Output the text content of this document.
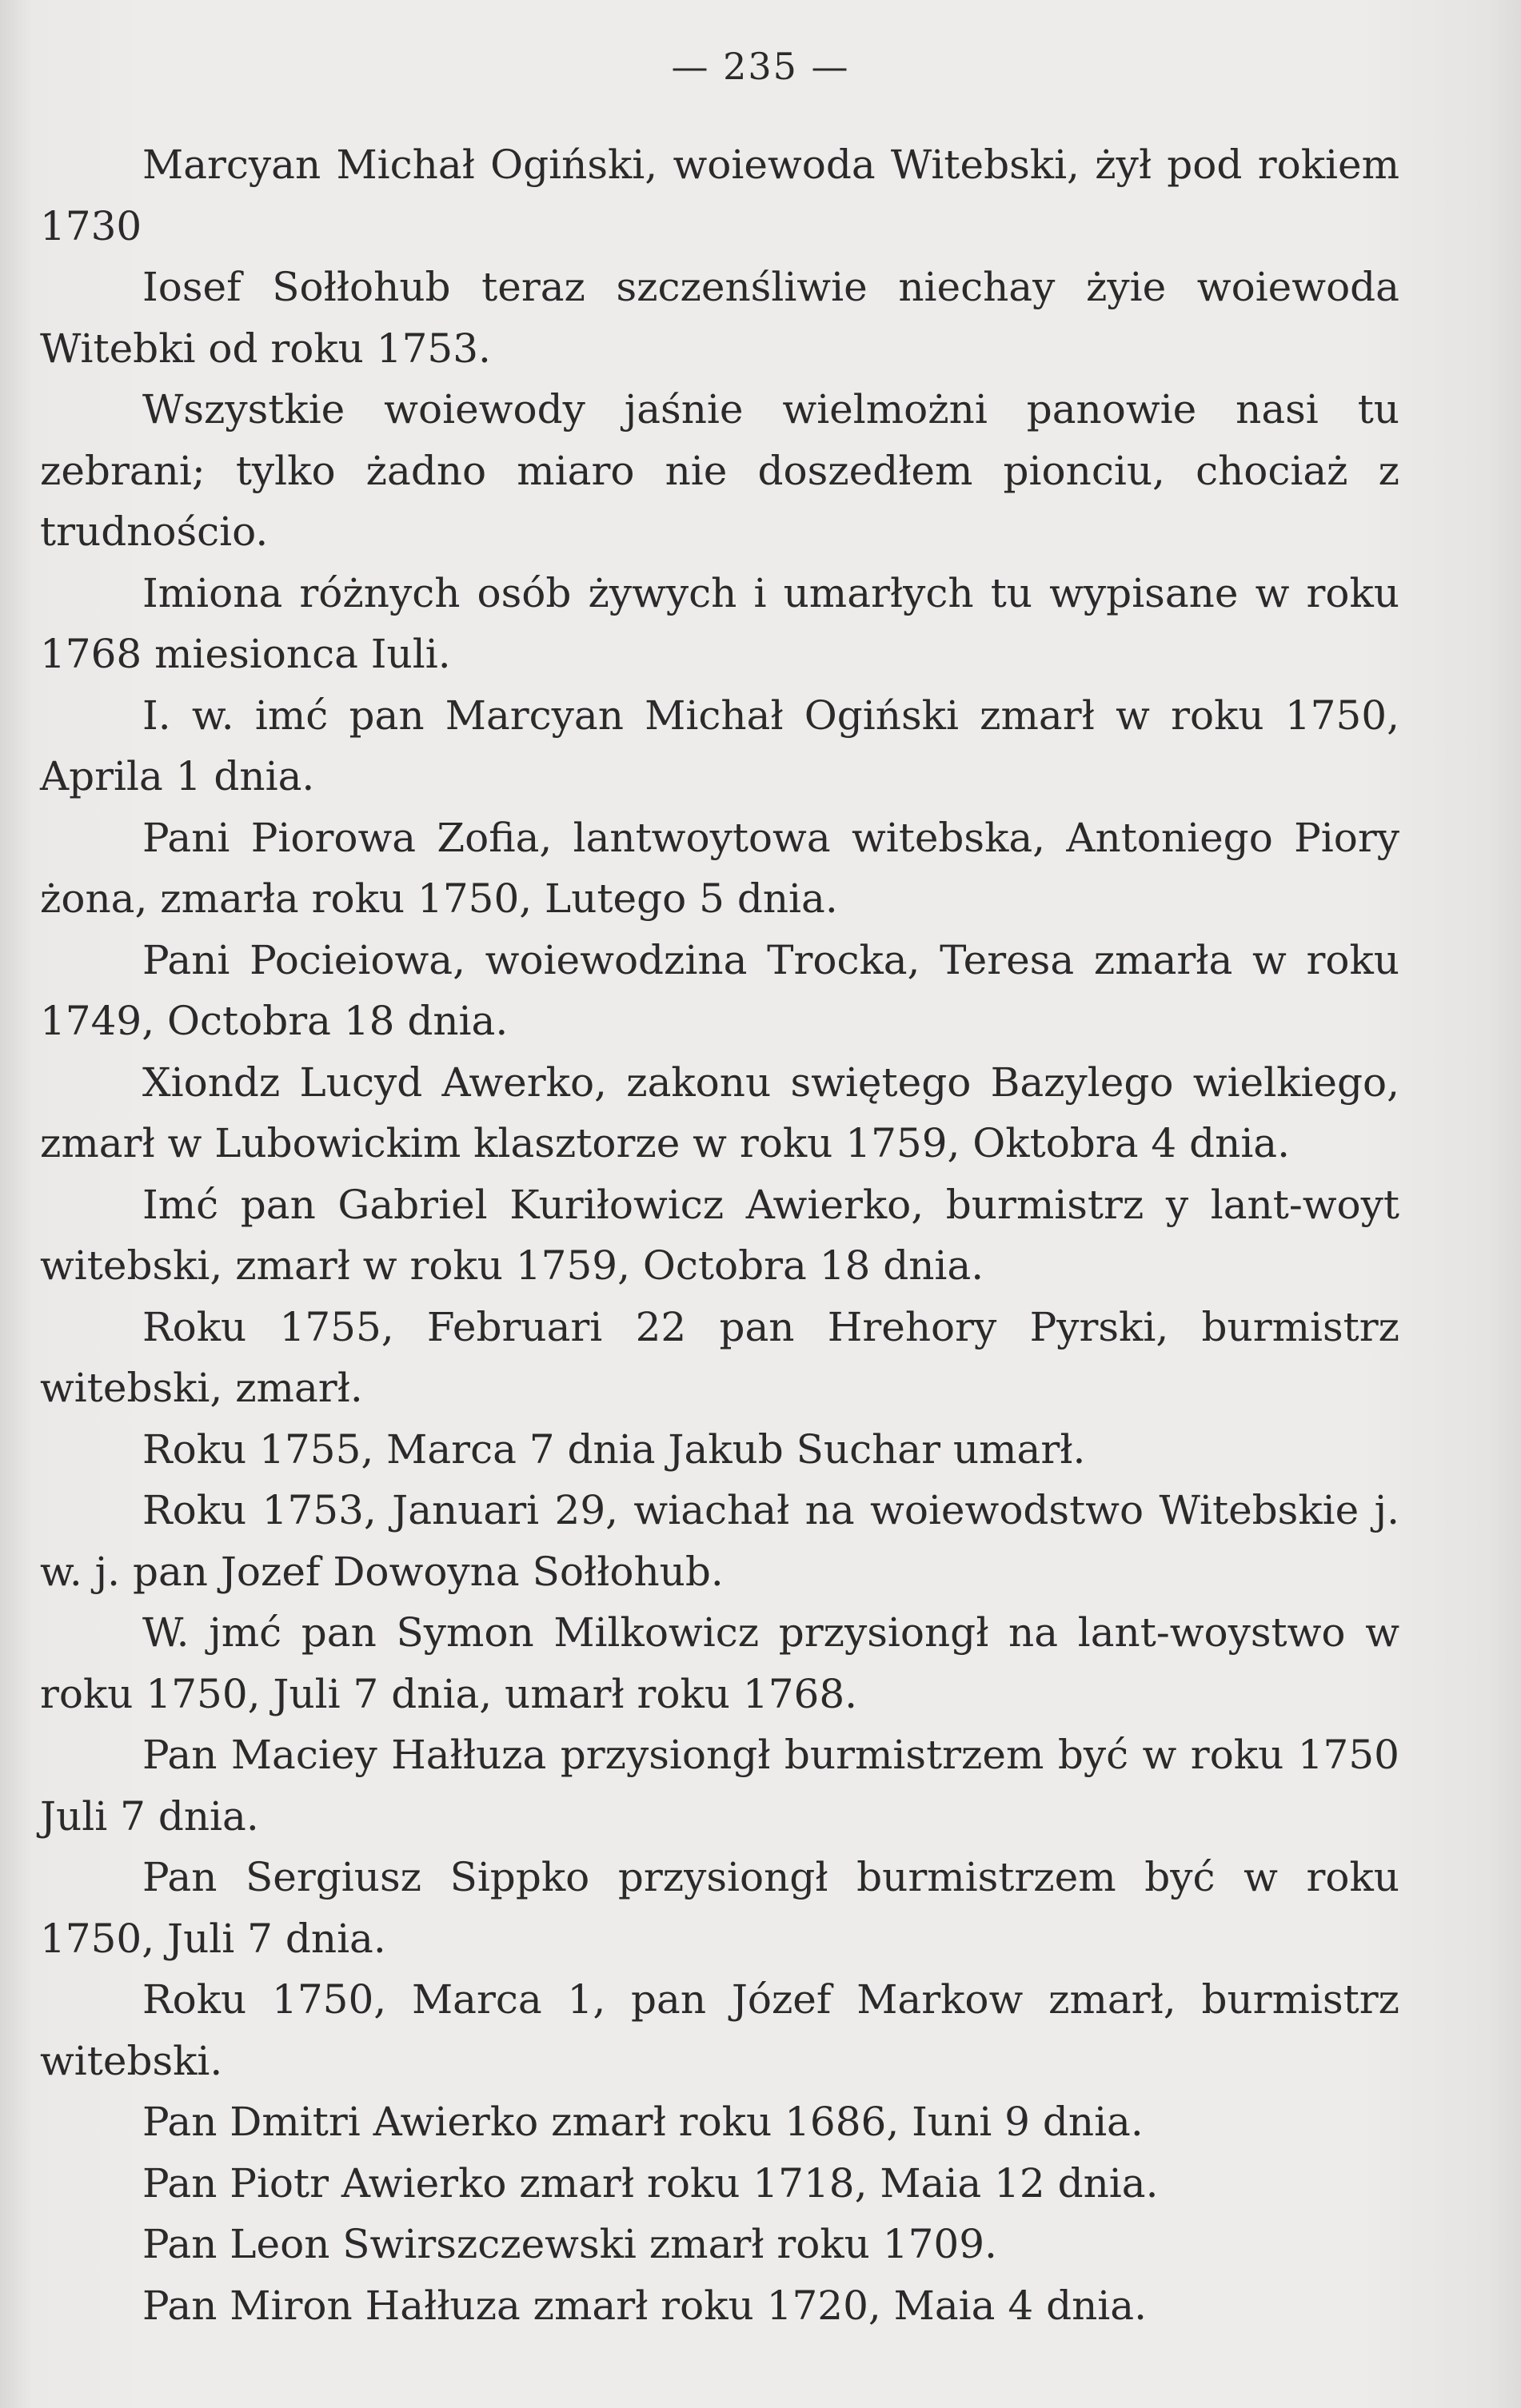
— 235 —

Marcyan Michał Ogiński, woiewoda Witebski, żył pod rokiem 1730

Iosef Sołłohub teraz szczenśliwie niechay żyie woiewoda Witebki od roku 1753.

Wszystkie woiewody jaśnie wielmożni panowie nasi tu zebrani; tylko żadno miaro nie doszedłem pionciu, chociaż z trudnościo.

Imiona różnych osób żywych i umarłych tu wypisane w roku 1768 miesionca Iuli.

I. w. imć pan Marcyan Michał Ogiński zmarł w roku 1750, Aprila 1 dnia.

Pani Piorowa Zofia, lantwoytowa witebska, Antoniego Piory żona, zmarła roku 1750, Lutego 5 dnia.

Pani Pocieiowa, woiewodzina Trocka, Teresa zmarła w roku 1749, Octobra 18 dnia.

Xiondz Lucyd Awerko, zakonu swiętego Bazylego wielkiego, zmarł w Lubowickim klasztorze w roku 1759, Oktobra 4 dnia.

Imć pan Gabriel Kuriłowicz Awierko, burmistrz y lant-woyt witebski, zmarł w roku 1759, Octobra 18 dnia.

Roku 1755, Februari 22 pan Hrehory Pyrski, burmistrz witebski, zmarł.

Roku 1755, Marca 7 dnia Jakub Suchar umarł.

Roku 1753, Januari 29, wiachał na woiewodstwo Witebskie j. w. j. pan Jozef Dowoyna Sołłohub.

W. jmć pan Symon Milkowicz przysiongł na lant-woystwo w roku 1750, Juli 7 dnia, umarł roku 1768.

Pan Maciey Hałłuza przysiongł burmistrzem być w roku 1750 Juli 7 dnia.

Pan Sergiusz Sippko przysiongł burmistrzem być w roku 1750, Juli 7 dnia.

Roku 1750, Marca 1, pan Józef Markow zmarł, burmistrz witebski.

Pan Dmitri Awierko zmarł roku 1686, Iuni 9 dnia.

Pan Piotr Awierko zmarł roku 1718, Maia 12 dnia.

Pan Leon Swirszczewski zmarł roku 1709.

Pan Miron Hałłuza zmarł roku 1720, Maia 4 dnia.
